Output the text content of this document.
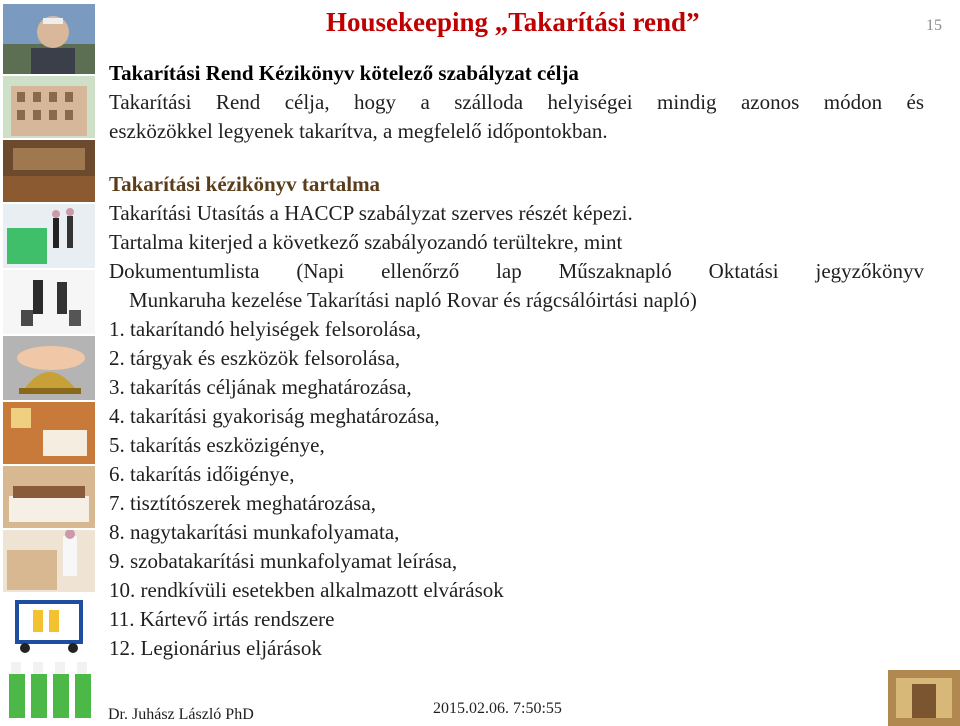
Housekeeping „Takarítási rend”	15

Takarítási Rend Kézikönyv kötelező szabályzat célja

Takarítási Rend célja, hogy a szálloda helyiségei mindig azonos módon és

eszközökkel legyenek takarítva, a megfelelő időpontokban.

Takarítási kézikönyv tartalma

Takarítási Utasítás a HACCP szabályzat szerves részét képezi.

Tartalma kiterjed a következő szabályozandó terültekre, mint

Dokumentumlista (Napi ellenőrző lap Műszaknapló Oktatási jegyzőkönyv

Munkaruha kezelése Takarítási napló Rovar és rágcsálóirtási napló)

1. takarítandó helyiségek felsorolása,
2. tárgyak és eszközök felsorolása,
3. takarítás céljának meghatározása,
4. takarítási gyakoriság meghatározása,
5. takarítás eszközigénye,
6. takarítás időigénye,
7. tisztítószerek meghatározása,
8. nagytakarítási munkafolyamata,
9. szobatakarítási munkafolyamat leírása,
10. rendkívüli esetekben alkalmazott elvárások
11. Kártevő irtás rendszere
12. Legionárius eljárások
Dr. Juhász László PhD	2015.02.06. 7:50:55
